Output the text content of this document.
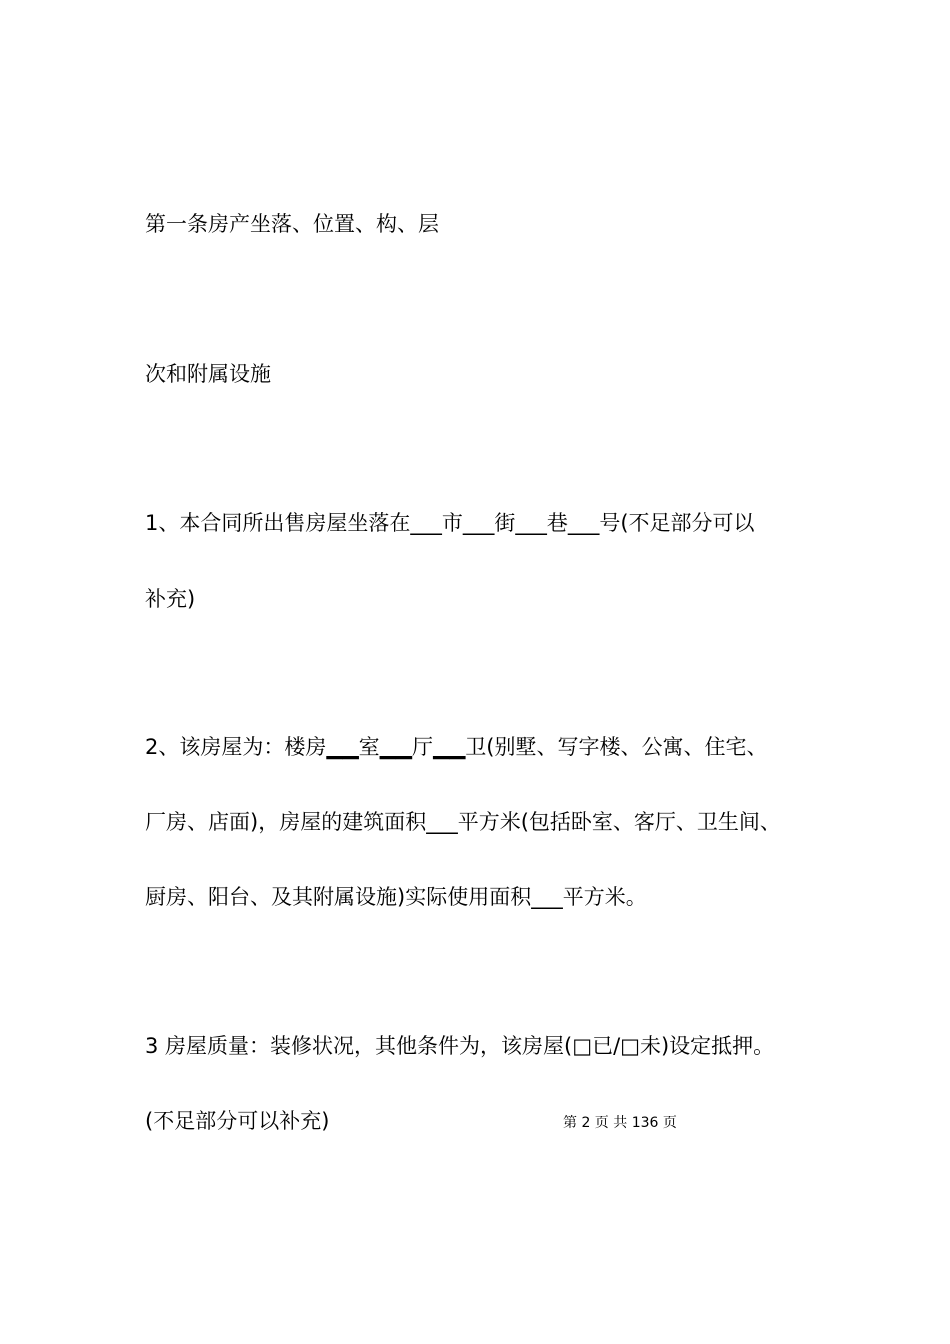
第一条房产坐落、位置、构、层

次和附属设施

1、本合同所出售房屋坐落在___市___街___巷___号(不足部分可以

补充)

2、该房屋为：楼房▁▁室▁▁厅▁▁卫(别墅、写字楼、公寓、住宅、

厂房、店面)，房屋的建筑面积___平方米(包括卧室、客厅、卫生间、

厨房、阳台、及其附属设施)实际使用面积___平方米。

3 房屋质量：装修状况，其他条件为，该房屋(□已/□未)设定抵押。

(不足部分可以补充)	第 2 页 共 136 页
